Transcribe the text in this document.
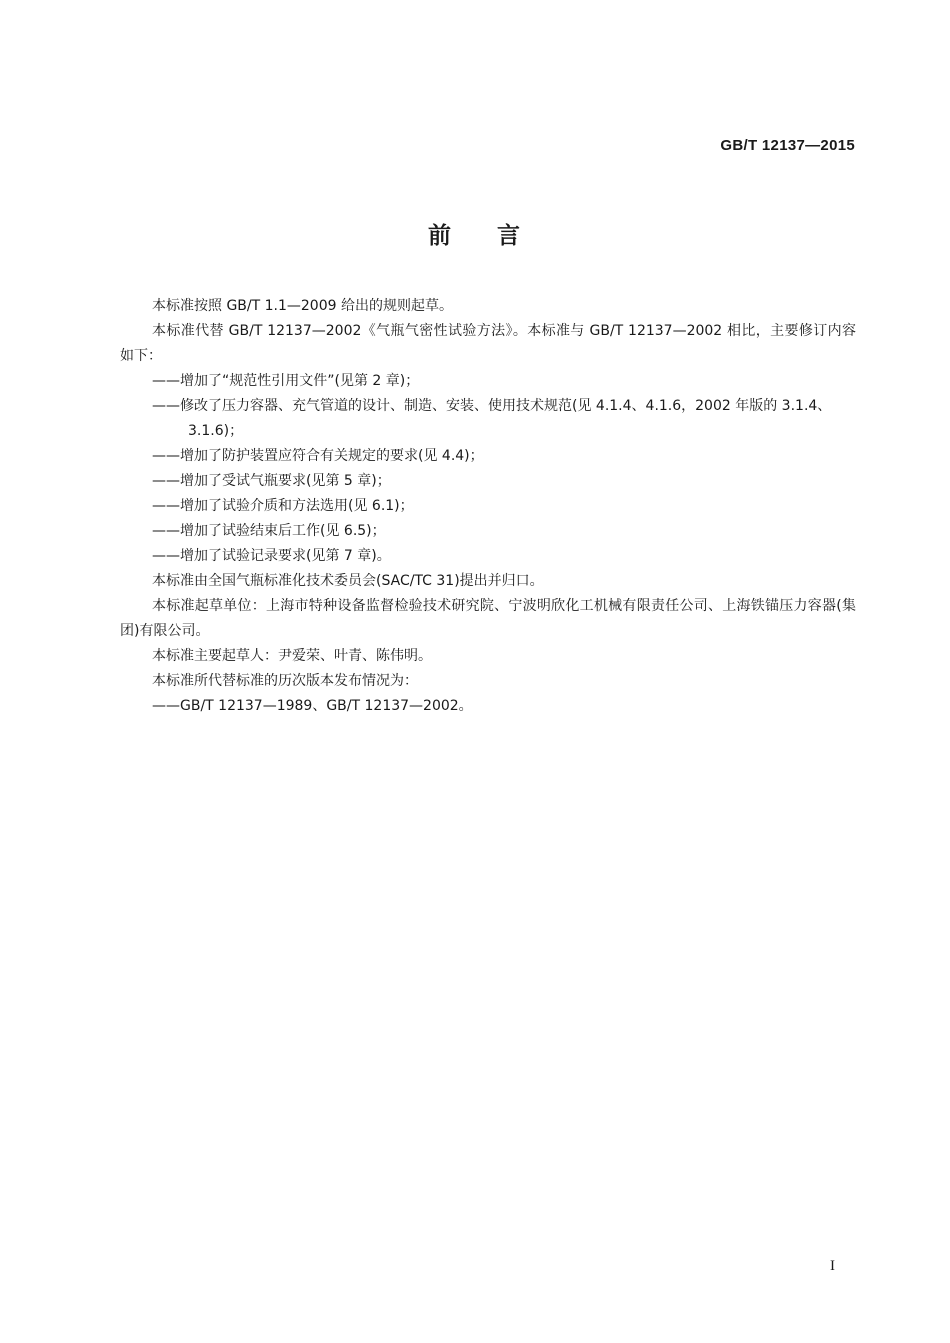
GB/T 12137—2015
前言

本标准按照 GB/T 1.1—2009 给出的规则起草。

本标准代替 GB/T 12137—2002《气瓶气密性试验方法》。本标准与 GB/T 12137—2002 相比，主要修订内容如下：

——增加了“规范性引用文件”(见第 2 章)；

——修改了压力容器、充气管道的设计、制造、安装、使用技术规范(见 4.1.4、4.1.6，2002 年版的 3.1.4、3.1.6)；

——增加了防护装置应符合有关规定的要求(见 4.4)；

——增加了受试气瓶要求(见第 5 章)；

——增加了试验介质和方法选用(见 6.1)；

——增加了试验结束后工作(见 6.5)；

——增加了试验记录要求(见第 7 章)。

本标准由全国气瓶标准化技术委员会(SAC/TC 31)提出并归口。

本标准起草单位：上海市特种设备监督检验技术研究院、宁波明欣化工机械有限责任公司、上海铁锚压力容器(集团)有限公司。

本标准主要起草人：尹爱荣、叶青、陈伟明。

本标准所代替标准的历次版本发布情况为：

——GB/T 12137—1989、GB/T 12137—2002。

I
